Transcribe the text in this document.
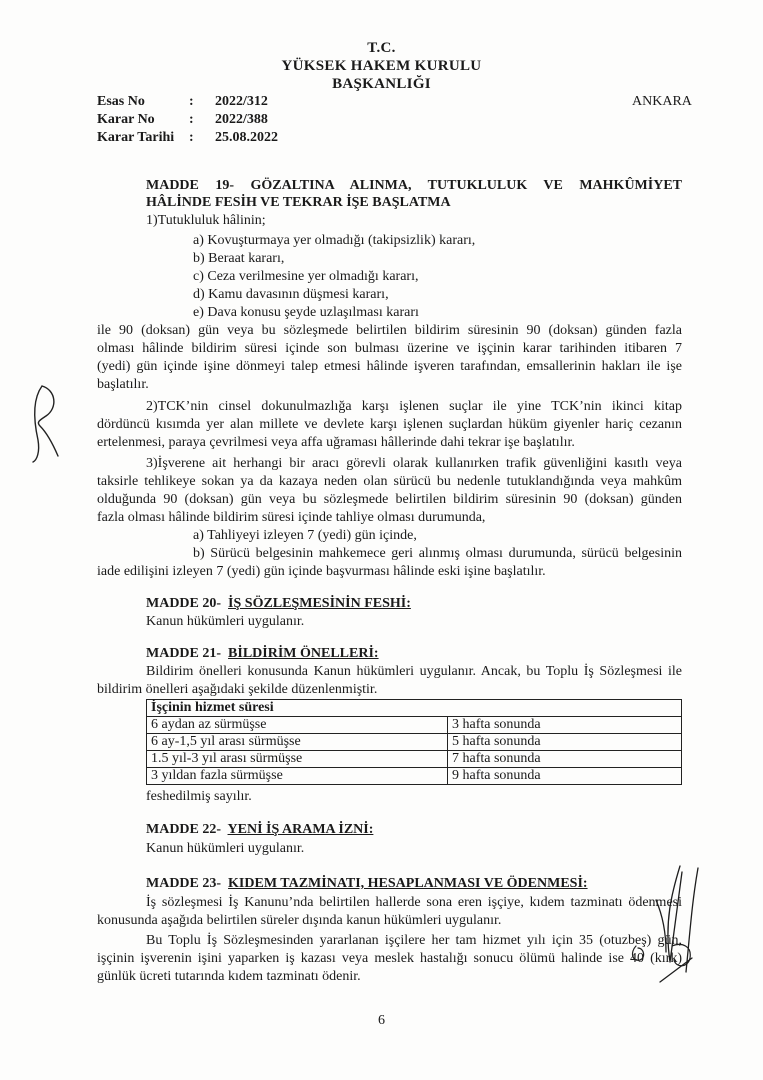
T.C.
YÜKSEK HAKEM KURULU
BAŞKANLIĞI
Esas No	: 2022/312
Karar No : 2022/388
Karar Tarihi : 25.08.2022
ANKARA
MADDE 19- GÖZALTINA ALINMA, TUTUKLULUK VE MAHKÛMİYET
HÂLİNDE FESİH VE TEKRAR İŞE BAŞLATMA
1)Tutukluluk hâlinin;
a) Kovuşturmaya yer olmadığı (takipsizlik) kararı,
b) Beraat kararı,
c) Ceza verilmesine yer olmadığı kararı,
d) Kamu davasının düşmesi kararı,
e) Dava konusu şeyde uzlaşılması kararı
ile 90 (doksan) gün veya bu sözleşmede belirtilen bildirim süresinin 90 (doksan) günden fazla
olması hâlinde bildirim süresi içinde son bulması üzerine ve işçinin karar tarihinden itibaren 7
(yedi) gün içinde işine dönmeyi talep etmesi hâlinde işveren tarafından, emsallerinin hakları ile işe
başlatılır.
2)TCK’nin cinsel dokunulmazlığa karşı işlenen suçlar ile yine TCK’nin ikinci kitap
dördüncü kısımda yer alan millete ve devlete karşı işlenen suçlardan hüküm giyenler hariç cezanın
ertelenmesi, paraya çevrilmesi veya affa uğraması hâllerinde dahi tekrar işe başlatılır.
3)İşverene ait herhangi bir aracı görevli olarak kullanırken trafik güvenliğini kasıtlı veya
taksirle tehlikeye sokan ya da kazaya neden olan sürücü bu nedenle tutuklandığında veya mahkûm
olduğunda 90 (doksan) gün veya bu sözleşmede belirtilen bildirim süresinin 90 (doksan) günden
fazla olması hâlinde bildirim süresi içinde tahliye olması durumunda,
a) Tahliyeyi izleyen 7 (yedi) gün içinde,
b) Sürücü belgesinin mahkemece geri alınmış olması durumunda, sürücü belgesinin
iade edilişini izleyen 7 (yedi) gün içinde başvurması hâlinde eski işine başlatılır.
MADDE 20- İŞ SÖZLEŞMESİNİN FESHİ:
Kanun hükümleri uygulanır.
MADDE 21- BİLDİRİM ÖNELLERİ:
Bildirim önelleri konusunda Kanun hükümleri uygulanır. Ancak, bu Toplu İş Sözleşmesi ile
bildirim önelleri aşağıdaki şekilde düzenlenmiştir.
İşçinin hizmet süresi	
6 aydan az sürmüşse	3 hafta sonunda
6 ay-1,5 yıl arası sürmüşse	5 hafta sonunda
1.5 yıl-3 yıl arası sürmüşse	7 hafta sonunda
3 yıldan fazla sürmüşse	9 hafta sonunda
feshedilmiş sayılır.
MADDE 22- YENİ İŞ ARAMA İZNİ:
Kanun hükümleri uygulanır.
MADDE 23- KIDEM TAZMİNATI, HESAPLANMASI VE ÖDENMESİ:
İş sözleşmesi İş Kanunu’nda belirtilen hallerde sona eren işçiye, kıdem tazminatı ödenmesi
konusunda aşağıda belirtilen süreler dışında kanun hükümleri uygulanır.
Bu Toplu İş Sözleşmesinden yararlanan işçilere her tam hizmet yılı için 35 (otuzbeş) gün,
işçinin işverenin işini yaparken iş kazası veya meslek hastalığı sonucu ölümü halinde ise 40 (kırk)
günlük ücreti tutarında kıdem tazminatı ödenir.
6
